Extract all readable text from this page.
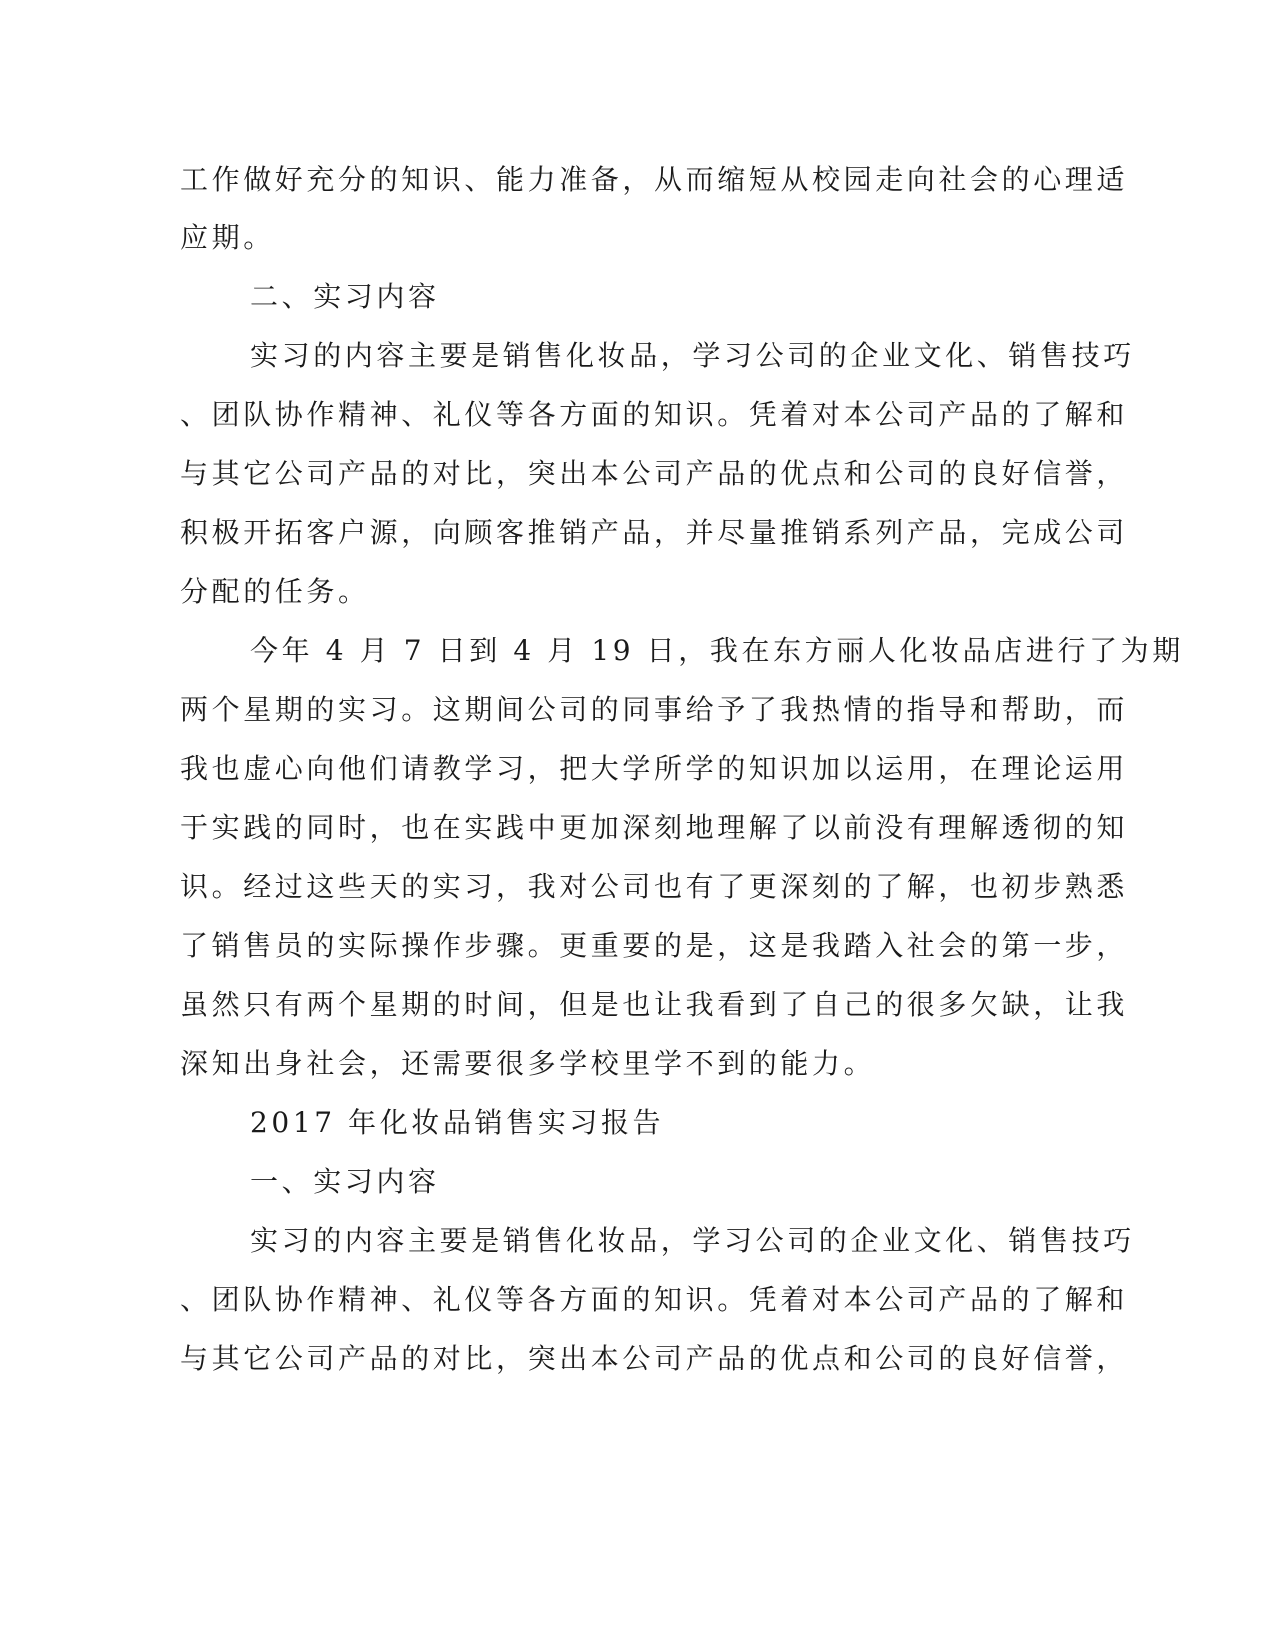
工作做好充分的知识、能力准备，从而缩短从校园走向社会的心理适

应期。

二、实习内容

实习的内容主要是销售化妆品，学习公司的企业文化、销售技巧

、团队协作精神、礼仪等各方面的知识。凭着对本公司产品的了解和

与其它公司产品的对比，突出本公司产品的优点和公司的良好信誉，

积极开拓客户源，向顾客推销产品，并尽量推销系列产品，完成公司

分配的任务。

今年 4 月 7 日到 4 月 19 日，我在东方丽人化妆品店进行了为期

两个星期的实习。这期间公司的同事给予了我热情的指导和帮助，而

我也虚心向他们请教学习，把大学所学的知识加以运用，在理论运用

于实践的同时，也在实践中更加深刻地理解了以前没有理解透彻的知

识。经过这些天的实习，我对公司也有了更深刻的了解，也初步熟悉

了销售员的实际操作步骤。更重要的是，这是我踏入社会的第一步，

虽然只有两个星期的时间，但是也让我看到了自己的很多欠缺，让我

深知出身社会，还需要很多学校里学不到的能力。

2017 年化妆品销售实习报告

一、实习内容

实习的内容主要是销售化妆品，学习公司的企业文化、销售技巧

、团队协作精神、礼仪等各方面的知识。凭着对本公司产品的了解和

与其它公司产品的对比，突出本公司产品的优点和公司的良好信誉，
